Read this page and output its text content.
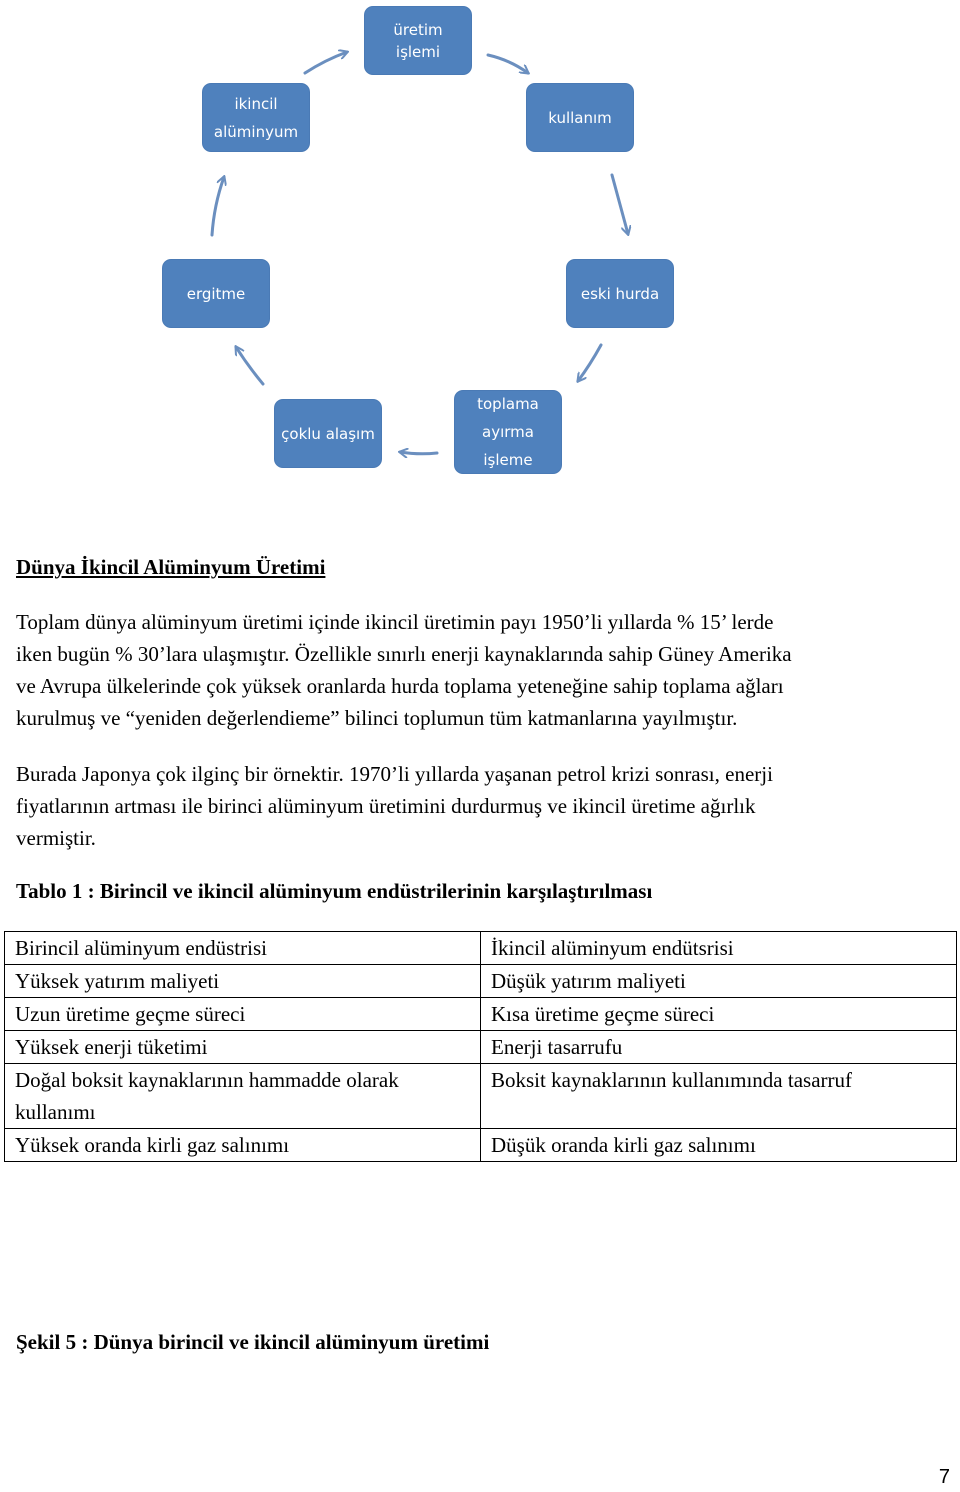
üretim
işlemi
kullanım
ikincil
alüminyum
ergitme	eski hurda
çoklu alaşım
toplama
ayırma
işleme
Dünya İkincil Alüminyum Üretimi
Toplam dünya alüminyum üretimi içinde ikincil üretimin payı 1950’li yıllarda % 15’ lerde
iken bugün % 30’lara ulaşmıştır. Özellikle sınırlı enerji kaynaklarında sahip Güney Amerika
ve Avrupa ülkelerinde çok yüksek oranlarda hurda toplama yeteneğine sahip toplama ağları
kurulmuş ve “yeniden değerlendieme” bilinci toplumun tüm katmanlarına yayılmıştır.
Burada Japonya çok ilginç bir örnektir. 1970’li yıllarda yaşanan petrol krizi sonrası, enerji
fiyatlarının artması ile birinci alüminyum üretimini durdurmuş ve ikincil üretime ağırlık
vermiştir.
Tablo 1 : Birincil ve ikincil alüminyum endüstrilerinin karşılaştırılması
Birincil alüminyum endüstrisi	İkincil alüminyum endütsrisi
Yüksek yatırım maliyeti	Düşük yatırım maliyeti
Uzun üretime geçme süreci	Kısa üretime geçme süreci
Yüksek enerji tüketimi	Enerji tasarrufu
Doğal boksit kaynaklarının hammadde olarak kullanımı	Boksit kaynaklarının kullanımında tasarruf
Yüksek oranda kirli gaz salınımı	Düşük oranda kirli gaz salınımı
Şekil 5 : Dünya birincil ve ikincil alüminyum üretimi
7
